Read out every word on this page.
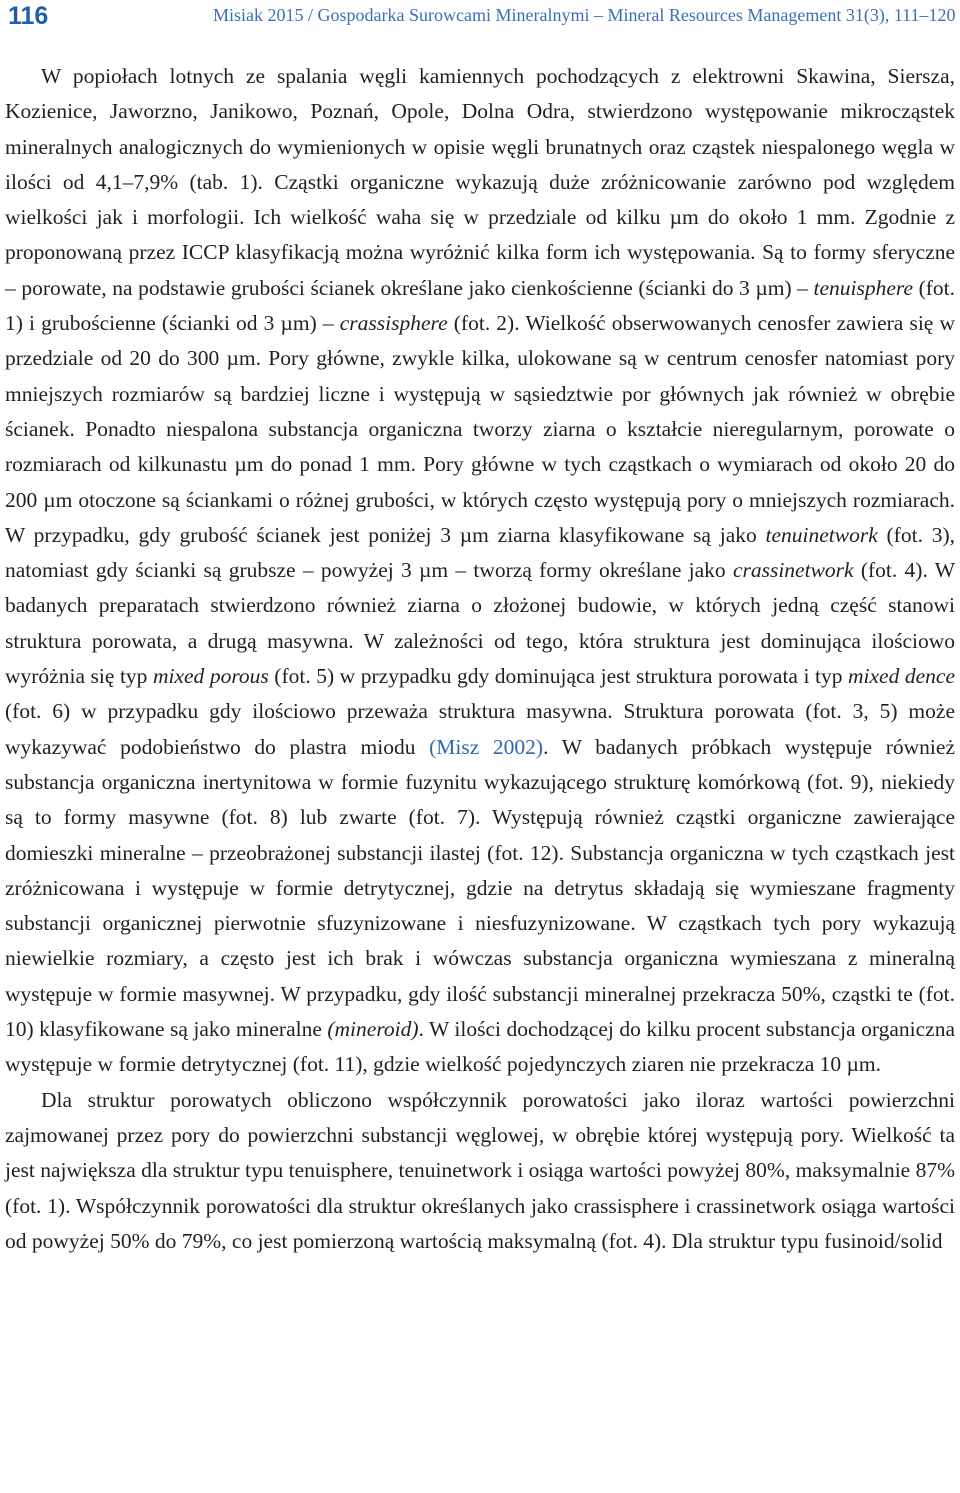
116	Misiak 2015 / Gospodarka Surowcami Mineralnymi – Mineral Resources Management 31(3), 111–120

W popiołach lotnych ze spalania węgli kamiennych pochodzących z elektrowni Skawina, Siersza, Kozienice, Jaworzno, Janikowo, Poznań, Opole, Dolna Odra, stwierdzono występowanie mikrocząstek mineralnych analogicznych do wymienionych w opisie węgli brunatnych oraz cząstek niespalonego węgla w ilości od 4,1–7,9% (tab. 1). Cząstki organiczne wykazują duże zróżnicowanie zarówno pod względem wielkości jak i morfologii. Ich wielkość waha się w przedziale od kilku µm do około 1 mm. Zgodnie z proponowaną przez ICCP klasyfikacją można wyróżnić kilka form ich występowania. Są to formy sferyczne – porowate, na podstawie grubości ścianek określane jako cienkościenne (ścianki do 3 µm) – tenuisphere (fot. 1) i grubościenne (ścianki od 3 µm) – crassisphere (fot. 2). Wielkość obserwowanych cenosfer zawiera się w przedziale od 20 do 300 µm. Pory główne, zwykle kilka, ulokowane są w centrum cenosfer natomiast pory mniejszych rozmiarów są bardziej liczne i występują w sąsiedztwie por głównych jak również w obrębie ścianek. Ponadto niespalona substancja organiczna tworzy ziarna o kształcie nieregularnym, porowate o rozmiarach od kilkunastu µm do ponad 1 mm. Pory główne w tych cząstkach o wymiarach od około 20 do 200 µm otoczone są ściankami o różnej grubości, w których często występują pory o mniejszych rozmiarach. W przypadku, gdy grubość ścianek jest poniżej 3 µm ziarna klasyfikowane są jako tenuinetwork (fot. 3), natomiast gdy ścianki są grubsze – powyżej 3 µm – tworzą formy określane jako crassinetwork (fot. 4). W badanych preparatach stwierdzono również ziarna o złożonej budowie, w których jedną część stanowi struktura porowata, a drugą masywna. W zależności od tego, która struktura jest dominująca ilościowo wyróżnia się typ mixed porous (fot. 5) w przypadku gdy dominująca jest struktura porowata i typ mixed dence (fot. 6) w przypadku gdy ilościowo przeważa struktura masywna. Struktura porowata (fot. 3, 5) może wykazywać podobieństwo do plastra miodu (Misz 2002). W badanych próbkach występuje również substancja organiczna inertynitowa w formie fuzynitu wykazującego strukturę komórkową (fot. 9), niekiedy są to formy masywne (fot. 8) lub zwarte (fot. 7). Występują również cząstki organiczne zawierające domieszki mineralne – przeobrażonej substancji ilastej (fot. 12). Substancja organiczna w tych cząstkach jest zróżnicowana i występuje w formie detrytycznej, gdzie na detrytus składają się wymieszane fragmenty substancji organicznej pierwotnie sfuzynizowane i niesfuzynizowane. W cząstkach tych pory wykazują niewielkie rozmiary, a często jest ich brak i wówczas substancja organiczna wymieszana z mineralną występuje w formie masywnej. W przypadku, gdy ilość substancji mineralnej przekracza 50%, cząstki te (fot. 10) klasyfikowane są jako mineralne (mineroid). W ilości dochodzącej do kilku procent substancja organiczna występuje w formie detrytycznej (fot. 11), gdzie wielkość pojedynczych ziaren nie przekracza 10 µm.

Dla struktur porowatych obliczono współczynnik porowatości jako iloraz wartości powierzchni zajmowanej przez pory do powierzchni substancji węglowej, w obrębie której występują pory. Wielkość ta jest największa dla struktur typu tenuisphere, tenuinetwork i osiąga wartości powyżej 80%, maksymalnie 87% (fot. 1). Współczynnik porowatości dla struktur określanych jako crassisphere i crassinetwork osiąga wartości od powyżej 50% do 79%, co jest pomierzoną wartością maksymalną (fot. 4). Dla struktur typu fusinoid/solid
